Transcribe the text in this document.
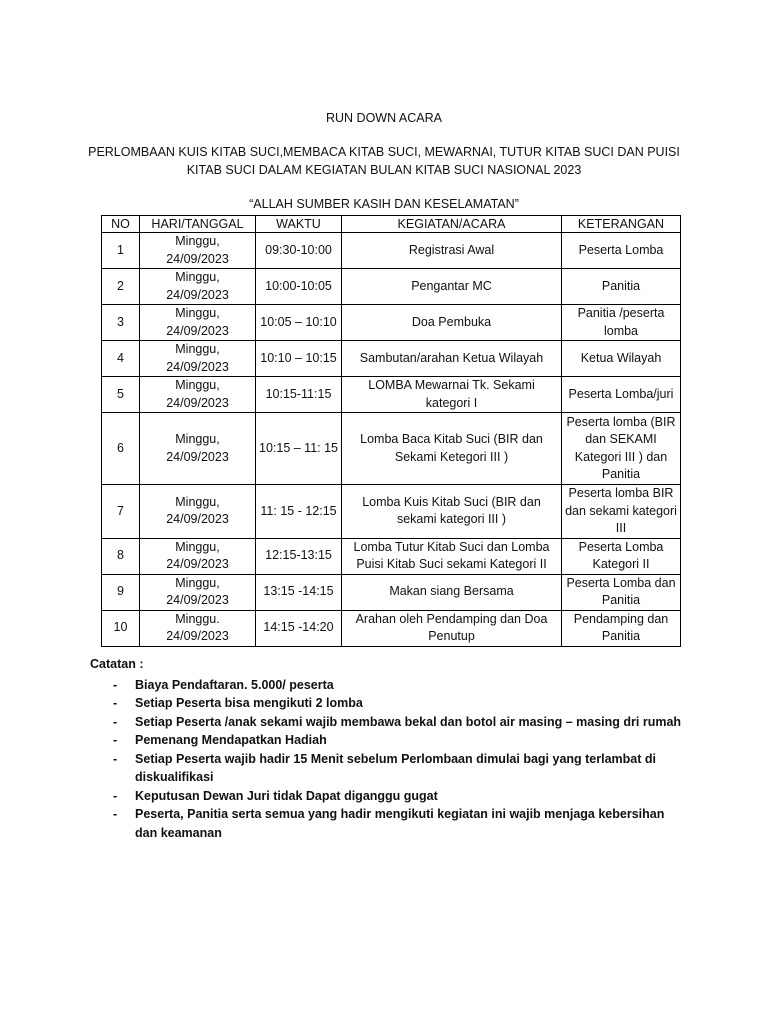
RUN DOWN ACARA
PERLOMBAAN KUIS KITAB SUCI,MEMBACA KITAB SUCI, MEWARNAI, TUTUR KITAB SUCI DAN PUISI KITAB SUCI DALAM KEGIATAN BULAN KITAB SUCI NASIONAL 2023
“ALLAH SUMBER KASIH DAN KESELAMATAN”
NO	HARI/TANGGAL	WAKTU	KEGIATAN/ACARA	KETERANGAN
1	Minggu, 24/09/2023	09:30-10:00	Registrasi Awal	Peserta Lomba
2	Minggu, 24/09/2023	10:00-10:05	Pengantar MC	Panitia
3	Minggu, 24/09/2023	10:05 – 10:10	Doa Pembuka	Panitia /peserta lomba
4	Minggu, 24/09/2023	10:10 – 10:15	Sambutan/arahan Ketua Wilayah	Ketua Wilayah
5	Minggu, 24/09/2023	10:15-11:15	LOMBA Mewarnai Tk. Sekami kategori I	Peserta Lomba/juri
6	Minggu, 24/09/2023	10:15 – 11: 15	Lomba Baca Kitab Suci (BIR dan Sekami Ketegori III )	Peserta lomba (BIR dan SEKAMI Kategori III ) dan Panitia
7	Minggu, 24/09/2023	11: 15 - 12:15	Lomba Kuis Kitab Suci (BIR dan sekami kategori III )	Peserta lomba BIR dan sekami kategori III
8	Minggu, 24/09/2023	12:15-13:15	Lomba Tutur Kitab Suci dan Lomba Puisi Kitab Suci sekami Kategori II	Peserta Lomba Kategori II
9	Minggu, 24/09/2023	13:15 -14:15	Makan siang Bersama	Peserta Lomba dan Panitia
10	Minggu. 24/09/2023	14:15 -14:20	Arahan oleh Pendamping dan Doa Penutup	Pendamping dan Panitia
Catatan :
- Biaya Pendaftaran. 5.000/ peserta
- Setiap Peserta bisa mengikuti 2 lomba
- Setiap Peserta /anak sekami wajib membawa bekal dan botol air masing – masing dri rumah
- Pemenang Mendapatkan Hadiah
- Setiap Peserta wajib hadir 15 Menit sebelum Perlombaan dimulai bagi yang terlambat di diskualifikasi
- Keputusan Dewan Juri tidak Dapat diganggu gugat
- Peserta, Panitia serta semua yang hadir mengikuti kegiatan ini wajib menjaga kebersihan dan keamanan
